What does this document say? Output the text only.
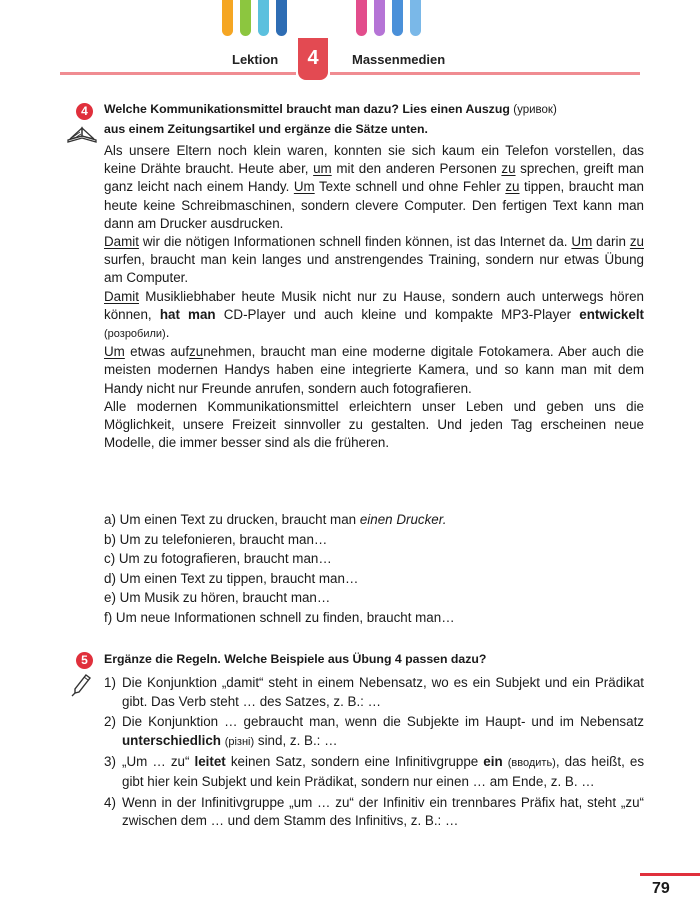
Lektion	4	Massenmedien
4	Welche Kommunikationsmittel braucht man dazu? Lies einen Auszug (уривок)
aus einem Zeitungsartikel und ergänze die Sätze unten.

Als unsere Eltern noch klein waren, konnten sie sich kaum ein Telefon vorstellen, das keine Drähte braucht. Heute aber, um mit den anderen Personen zu sprechen, greift man ganz leicht nach einem Handy. Um Texte schnell und ohne Fehler zu tippen, braucht man heute keine Schreibmaschinen, sondern clevere Computer. Den fertigen Text kann man dann am Drucker ausdrucken.

Damit wir die nötigen Informationen schnell finden können, ist das Internet da. Um darin zu surfen, braucht man kein langes und anstrengendes Training, sondern nur etwas Übung am Computer.

Damit Musikliebhaber heute Musik nicht nur zu Hause, sondern auch unterwegs hören können, hat man CD-Player und auch kleine und kompakte MP3-Player entwickelt (розробили).

Um etwas aufzunehmen, braucht man eine moderne digitale Fotokamera. Aber auch die meisten modernen Handys haben eine integrierte Kamera, und so kann man mit dem Handy nicht nur Freunde anrufen, sondern auch fotografieren.

Alle modernen Kommunikationsmittel erleichtern unser Leben und geben uns die Möglichkeit, unsere Freizeit sinnvoller zu gestalten. Und jeden Tag erscheinen neue Modelle, die immer besser sind als die früheren.

a) Um einen Text zu drucken, braucht man einen Drucker.
b) Um zu telefonieren, braucht man…
c) Um zu fotografieren, braucht man…
d) Um einen Text zu tippen, braucht man…
e) Um Musik zu hören, braucht man…
f) Um neue Informationen schnell zu finden, braucht man…
5	Ergänze die Regeln. Welche Beispiele aus Übung 4 passen dazu?
1) Die Konjunktion „damit“ steht in einem Nebensatz, wo es ein Subjekt und ein Prädikat gibt. Das Verb steht … des Satzes, z. B.: …
2) Die Konjunktion … gebraucht man, wenn die Subjekte im Haupt- und im Nebensatz unterschiedlich (різні) sind, z. B.: …
3) „Um … zu“ leitet keinen Satz, sondern eine Infinitivgruppe ein (вводить), das heißt, es gibt hier kein Subjekt und kein Prädikat, sondern nur einen … am Ende, z. B. …
4) Wenn in der Infinitivgruppe „um … zu“ der Infinitiv ein trennbares Präfix hat, steht „zu“ zwischen dem … und dem Stamm des Infinitivs, z. B.: …
79
